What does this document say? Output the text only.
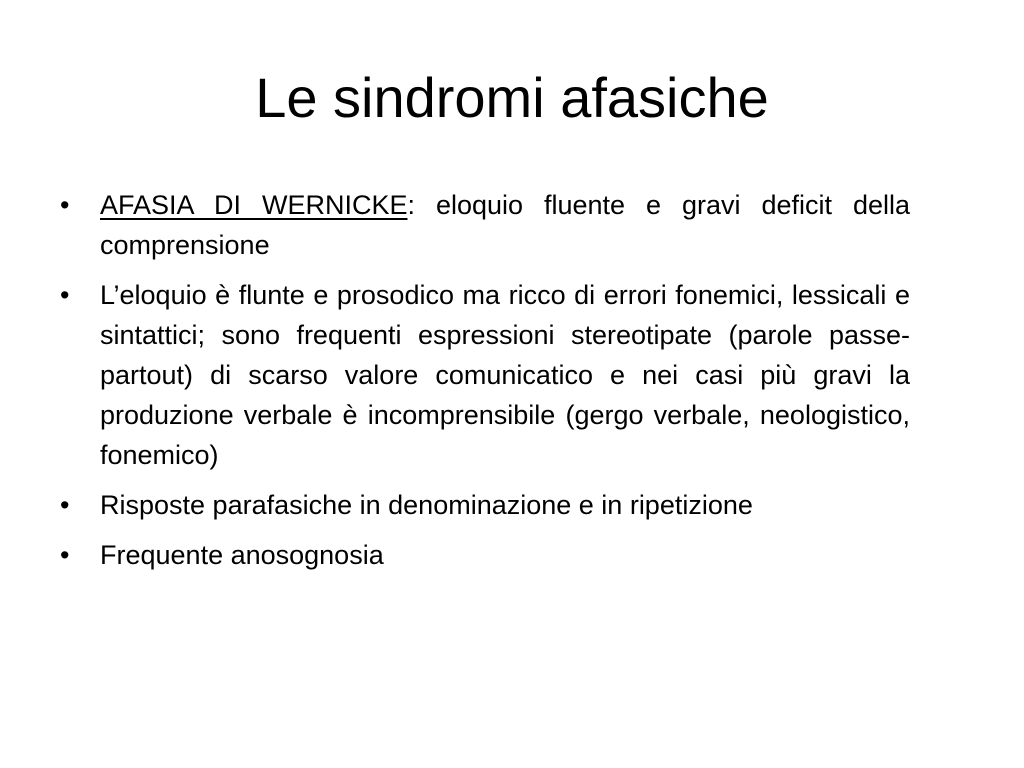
Le sindromi afasiche
•	AFASIA DI WERNICKE: eloquio fluente e gravi deficit della comprensione
•	L’eloquio è flunte e prosodico ma ricco di errori fonemici, lessicali e sintattici; sono frequenti espressioni stereotipate (parole passe-partout) di scarso valore comunicatico e nei casi più gravi la produzione verbale è incomprensibile (gergo verbale, neologistico, fonemico)
•	Risposte parafasiche in denominazione e in ripetizione
•	Frequente anosognosia
